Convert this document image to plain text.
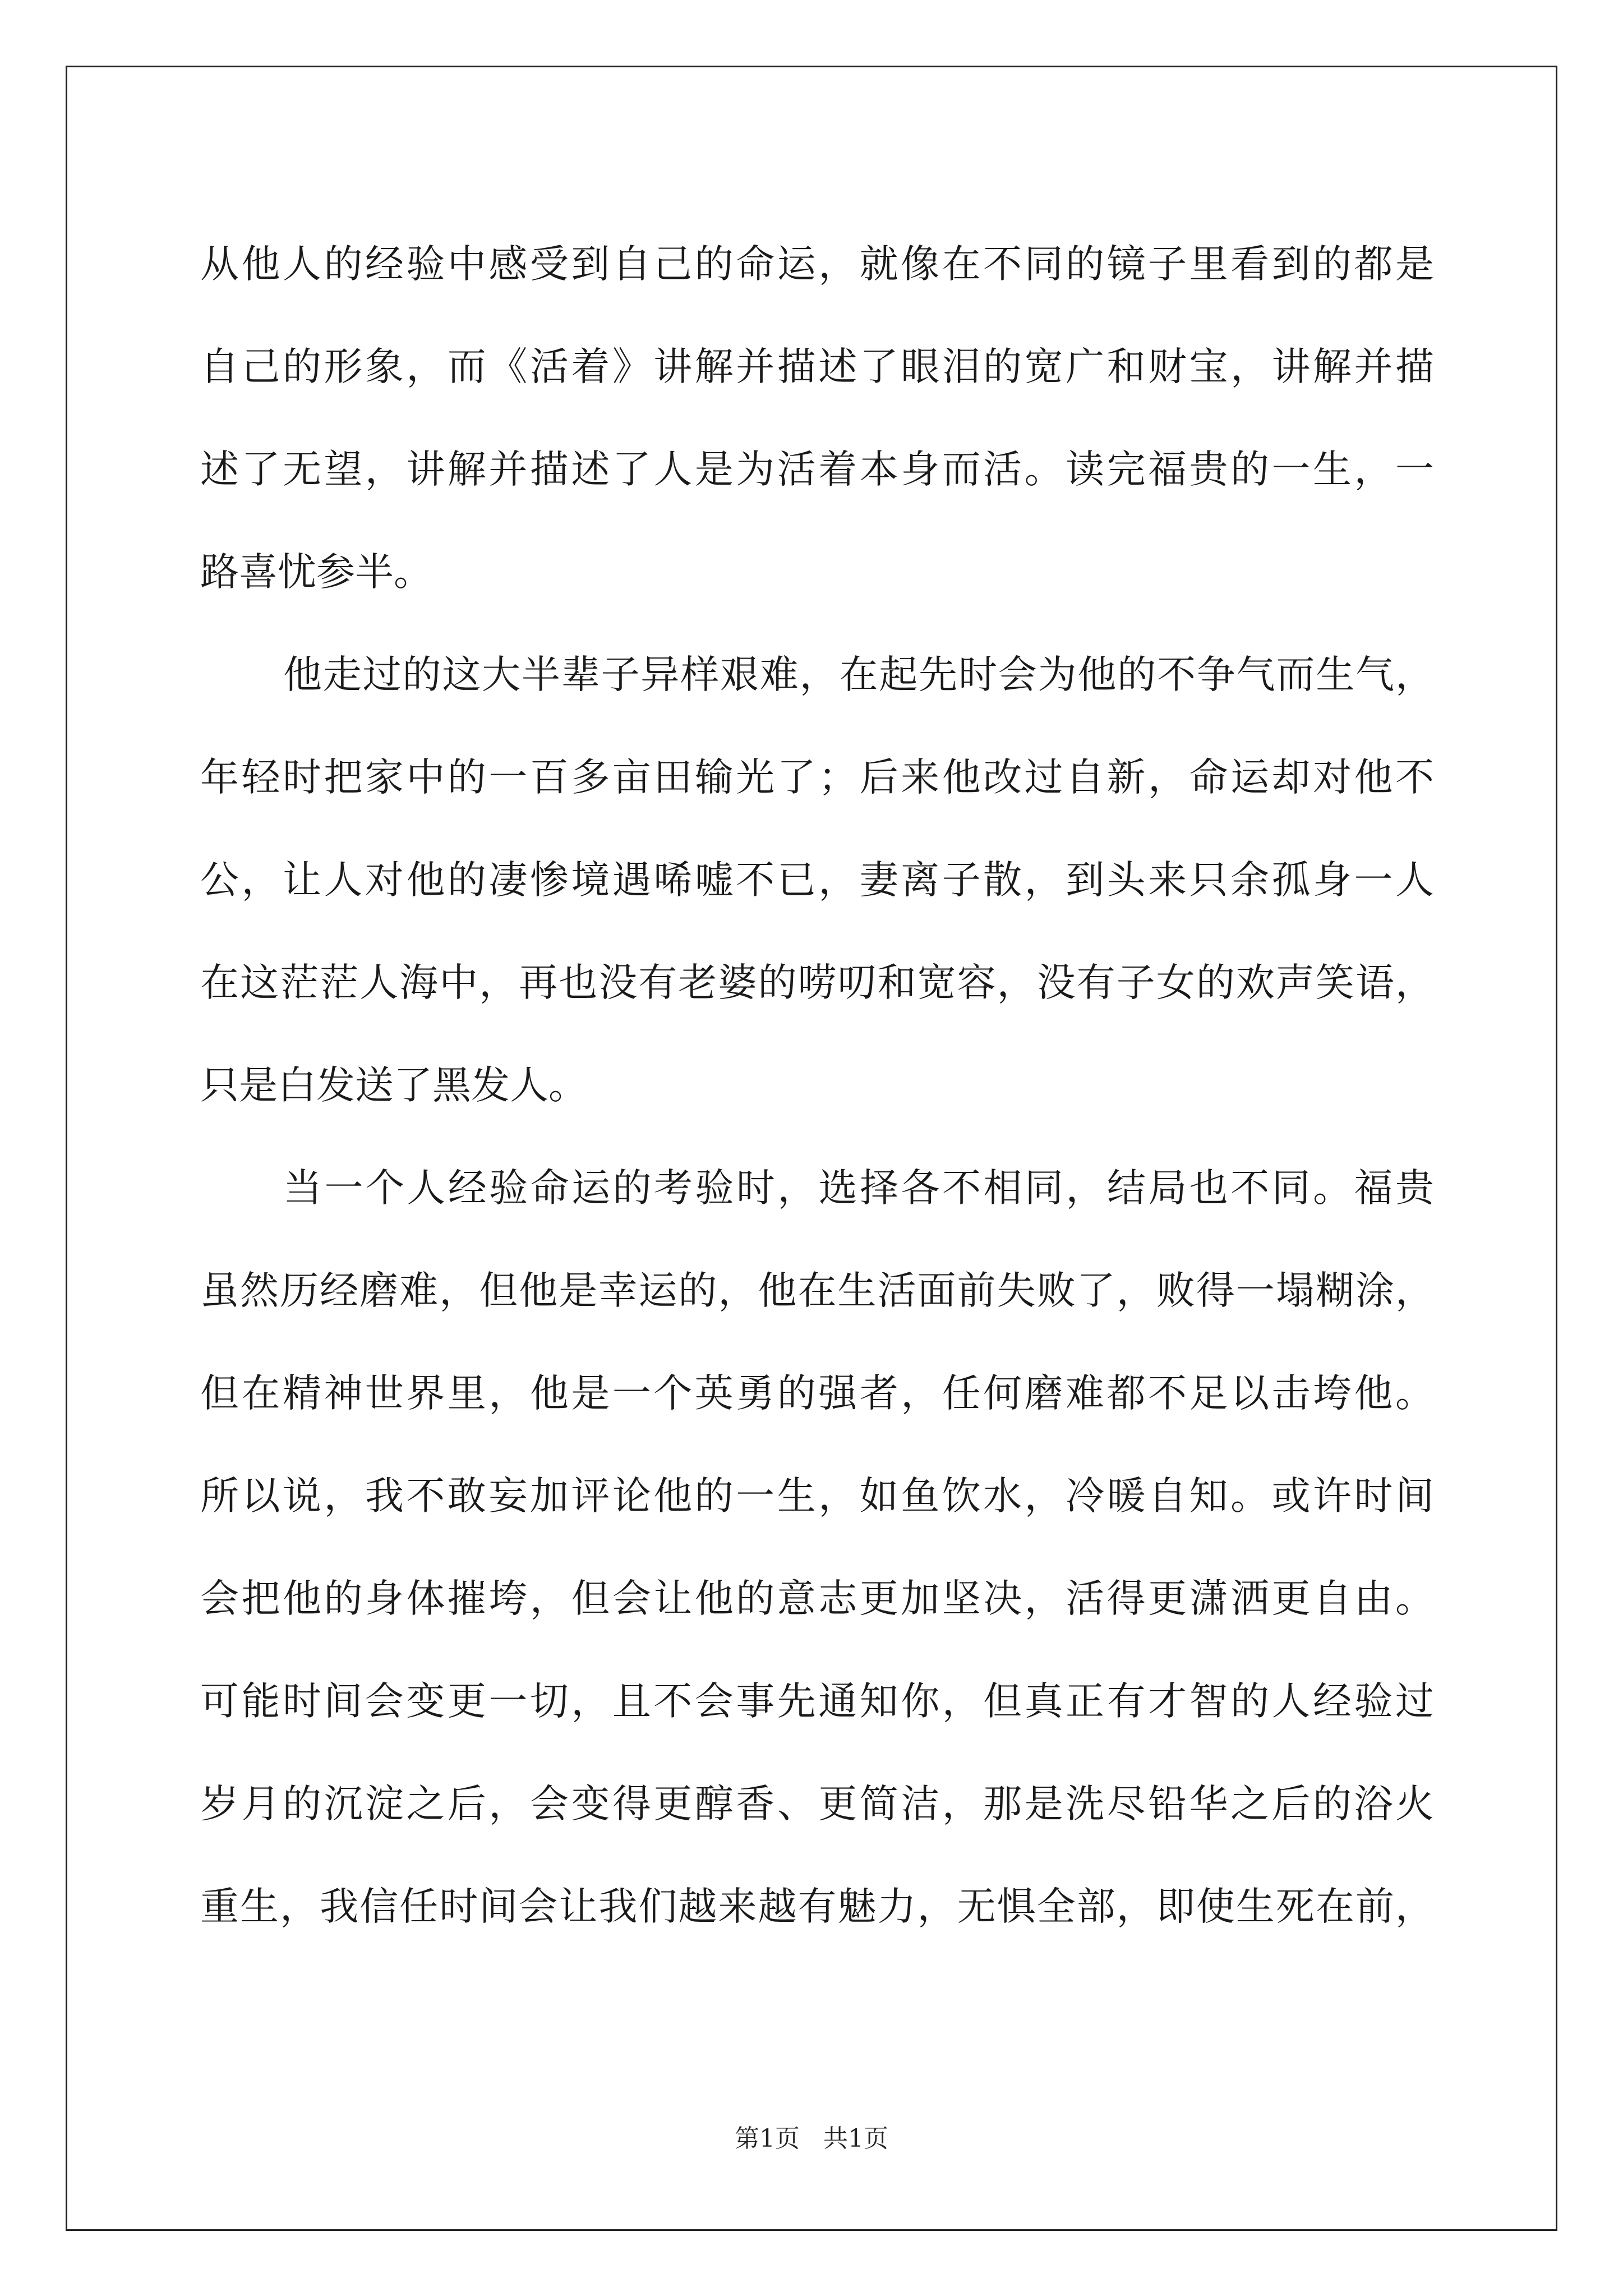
从他人的经验中感受到自己的命运，就像在不同的镜子里看到的都是
自己的形象，而《活着》讲解并描述了眼泪的宽广和财宝，讲解并描
述了无望，讲解并描述了人是为活着本身而活。读完福贵的一生，一
路喜忧参半。
他走过的这大半辈子异样艰难，在起先时会为他的不争气而生气，
年轻时把家中的一百多亩田输光了；后来他改过自新，命运却对他不
公，让人对他的凄惨境遇唏嘘不已，妻离子散，到头来只余孤身一人
在这茫茫人海中，再也没有老婆的唠叨和宽容，没有子女的欢声笑语，
只是白发送了黑发人。
当一个人经验命运的考验时，选择各不相同，结局也不同。福贵
虽然历经磨难，但他是幸运的，他在生活面前失败了，败得一塌糊涂，
但在精神世界里，他是一个英勇的强者，任何磨难都不足以击垮他。
所以说，我不敢妄加评论他的一生，如鱼饮水，冷暖自知。或许时间
会把他的身体摧垮，但会让他的意志更加坚决，活得更潇洒更自由。
可能时间会变更一切，且不会事先通知你，但真正有才智的人经验过
岁月的沉淀之后，会变得更醇香、更简洁，那是洗尽铅华之后的浴火
重生，我信任时间会让我们越来越有魅力，无惧全部，即使生死在前，
第1页   共1页
